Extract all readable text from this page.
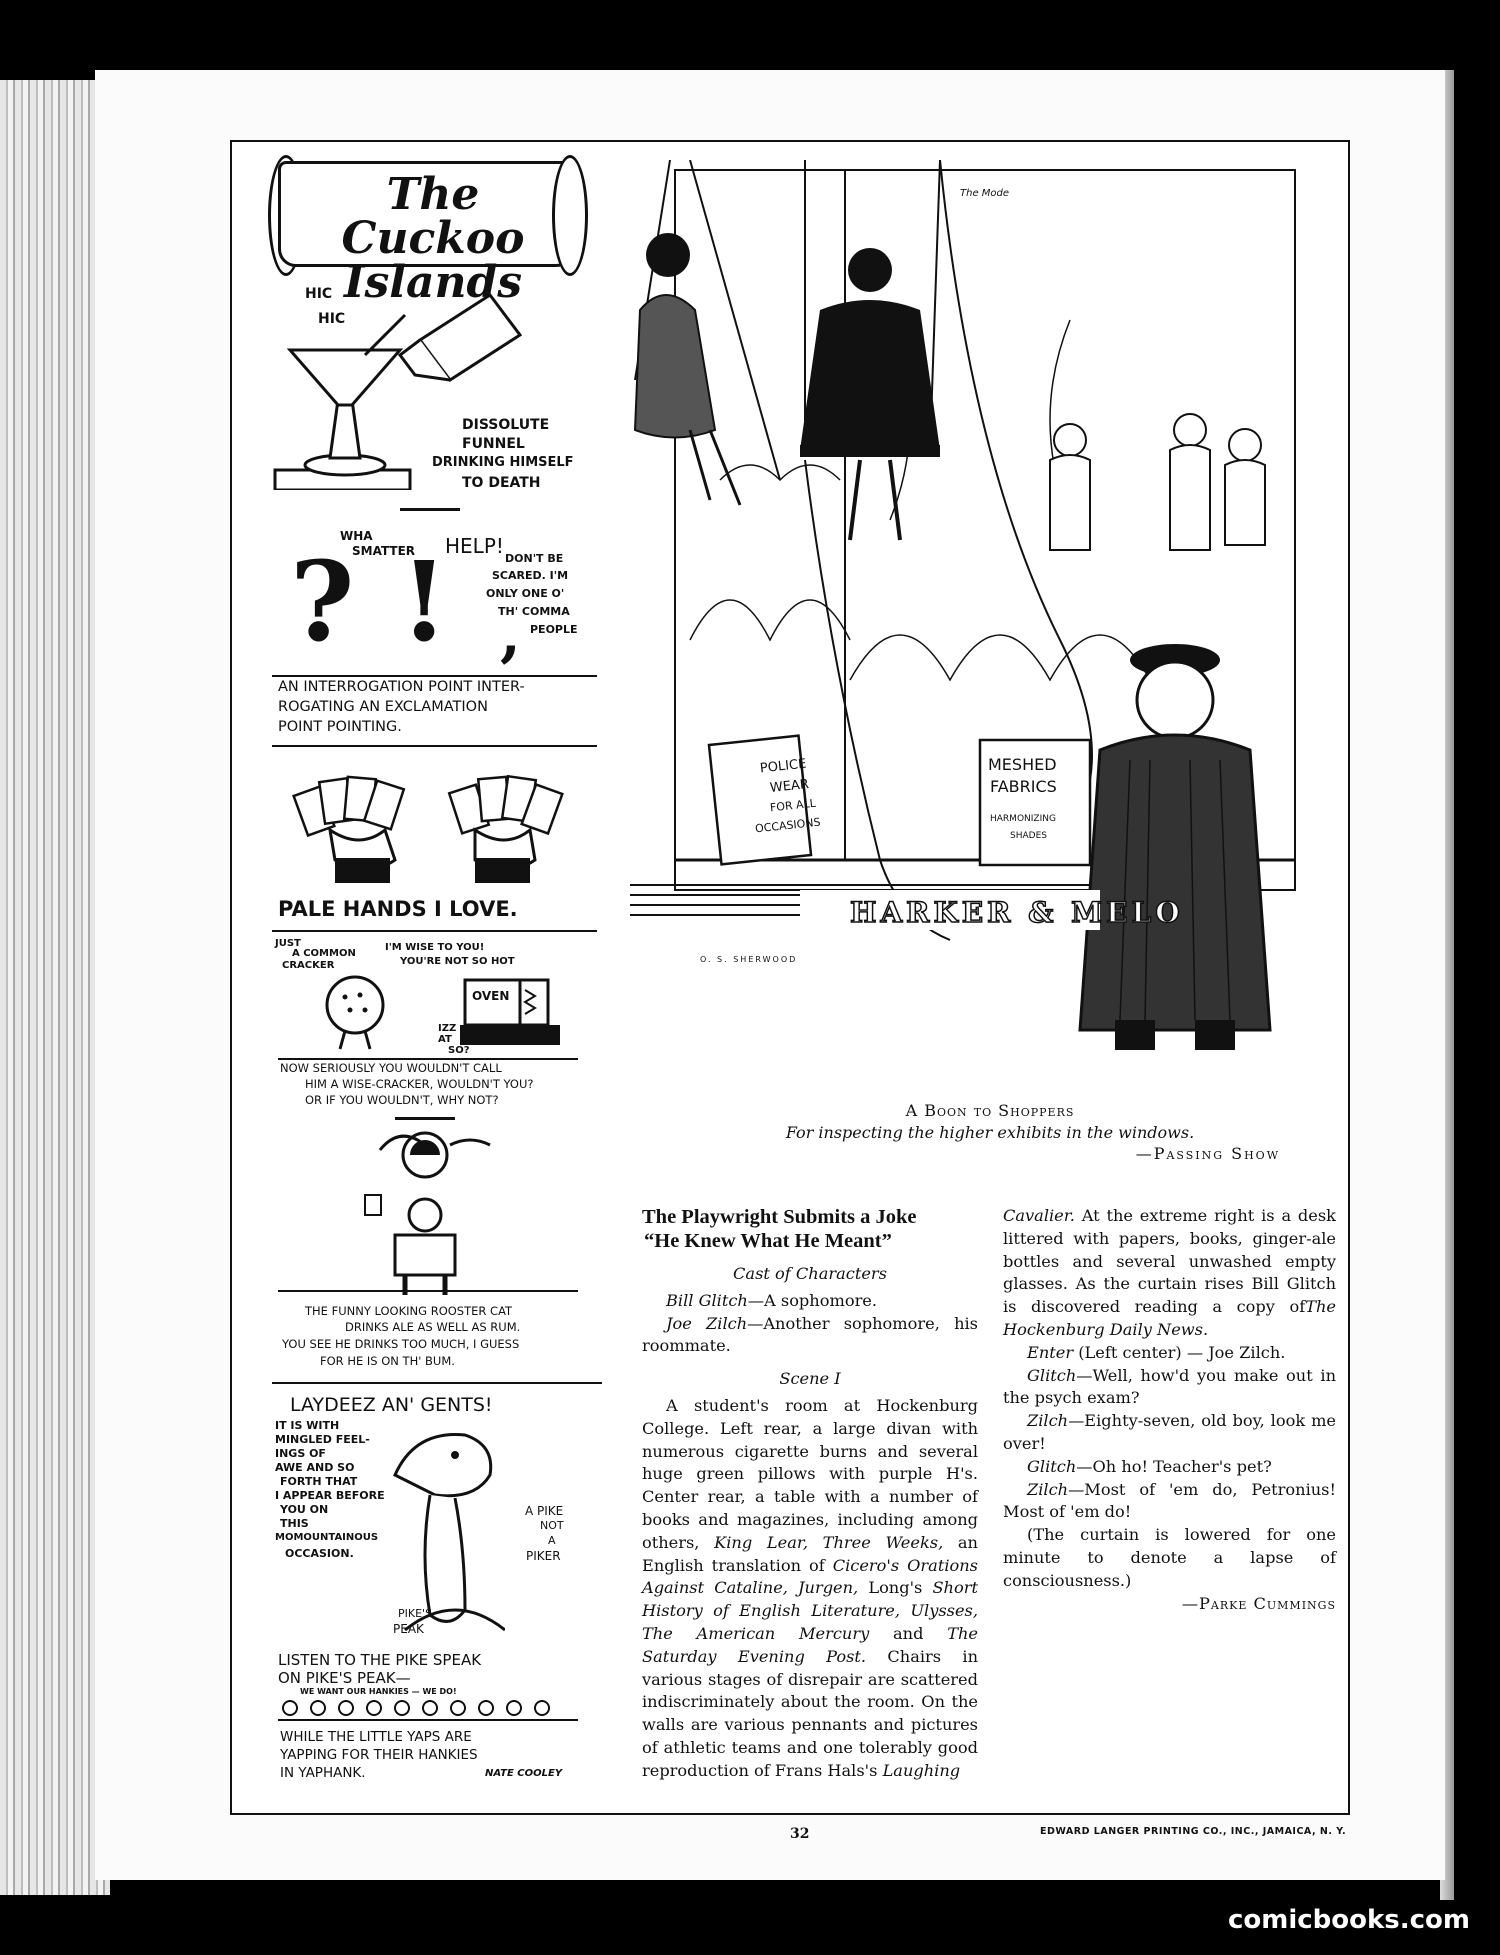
The Cuckoo Islands
HIC
HIC
DISSOLUTE
FUNNEL
DRINKING HIMSELF
TO DEATH
WHA
SMATTER HELP!
DON'T BE
SCARED. I'M
ONLY ONE O'
TH' COMMA
PEOPLE
? ! ,
AN INTERROGATION POINT INTER-
ROGATING AN EXCLAMATION
POINT POINTING.
PALE HANDS I LOVE.
JUST
A COMMON
CRACKER
I'M WISE TO YOU!
YOU'RE NOT SO HOT
OVEN
IZZ
AT
SO?
NOW SERIOUSLY YOU WOULDN'T CALL
HIM A WISE-CRACKER, WOULDN'T YOU?
OR IF YOU WOULDN'T, WHY NOT?
THE FUNNY LOOKING ROOSTER CAT
DRINKS ALE AS WELL AS RUM.
YOU SEE HE DRINKS TOO MUCH, I GUESS
FOR HE IS ON TH' BUM.
LAYDEEZ AN' GENTS!
IT IS WITH
MINGLED FEEL-
INGS OF
AWE AND SO
FORTH THAT
I APPEAR BEFORE
YOU ON
THIS
MOMOUNTAINOUS
OCCASION.
A PIKE
NOT
A
PIKER
PIKE'S
PEAK
LISTEN TO THE PIKE SPEAK
ON PIKE'S PEAK—
WE WANT OUR HANKIES — WE DO!
WHILE THE LITTLE YAPS ARE
YAPPING FOR THEIR HANKIES
IN YAPHANK.	NATE COOLEY
POLICE
WEAR
FOR ALL
OCCASIONS
MESHED
FABRICS
HARMONIZING
SHADES
HARKER & MELO
The Mode
O. S. SHERWOOD
A Boon to Shoppers
For inspecting the higher exhibits in the windows.
—Passing Show
The Playwright Submits a Joke
“He Knew What He Meant”

Cast of Characters

Bill Glitch—A sophomore.

Joe Zilch—Another sophomore, his roommate.

Scene I

A student's room at Hockenburg College. Left rear, a large divan with numerous cigarette burns and several huge green pillows with purple H's. Center rear, a table with a number of books and magazines, including among others, King Lear, Three Weeks, an English translation of Cicero's Orations Against Cataline, Jurgen, Long's Short History of English Literature, Ulysses, The American Mercury and The Saturday Evening Post. Chairs in various stages of disrepair are scattered indiscriminately about the room. On the walls are various pennants and pictures of athletic teams and one tolerably good reproduction of Frans Hals's Laughing

Cavalier. At the extreme right is a desk littered with papers, books, ginger-ale bottles and several unwashed empty glasses. As the curtain rises Bill Glitch is discovered reading a copy ofThe Hockenburg Daily News.

Enter (Left center) — Joe Zilch.

Glitch—Well, how'd you make out in the psych exam?

Zilch—Eighty-seven, old boy, look me over!

Glitch—Oh ho! Teacher's pet?

Zilch—Most of 'em do, Petronius! Most of 'em do!

(The curtain is lowered for one minute to denote a lapse of consciousness.)

—Parke Cummings

32	EDWARD LANGER PRINTING CO., INC., JAMAICA, N. Y.
comicbooks.com
